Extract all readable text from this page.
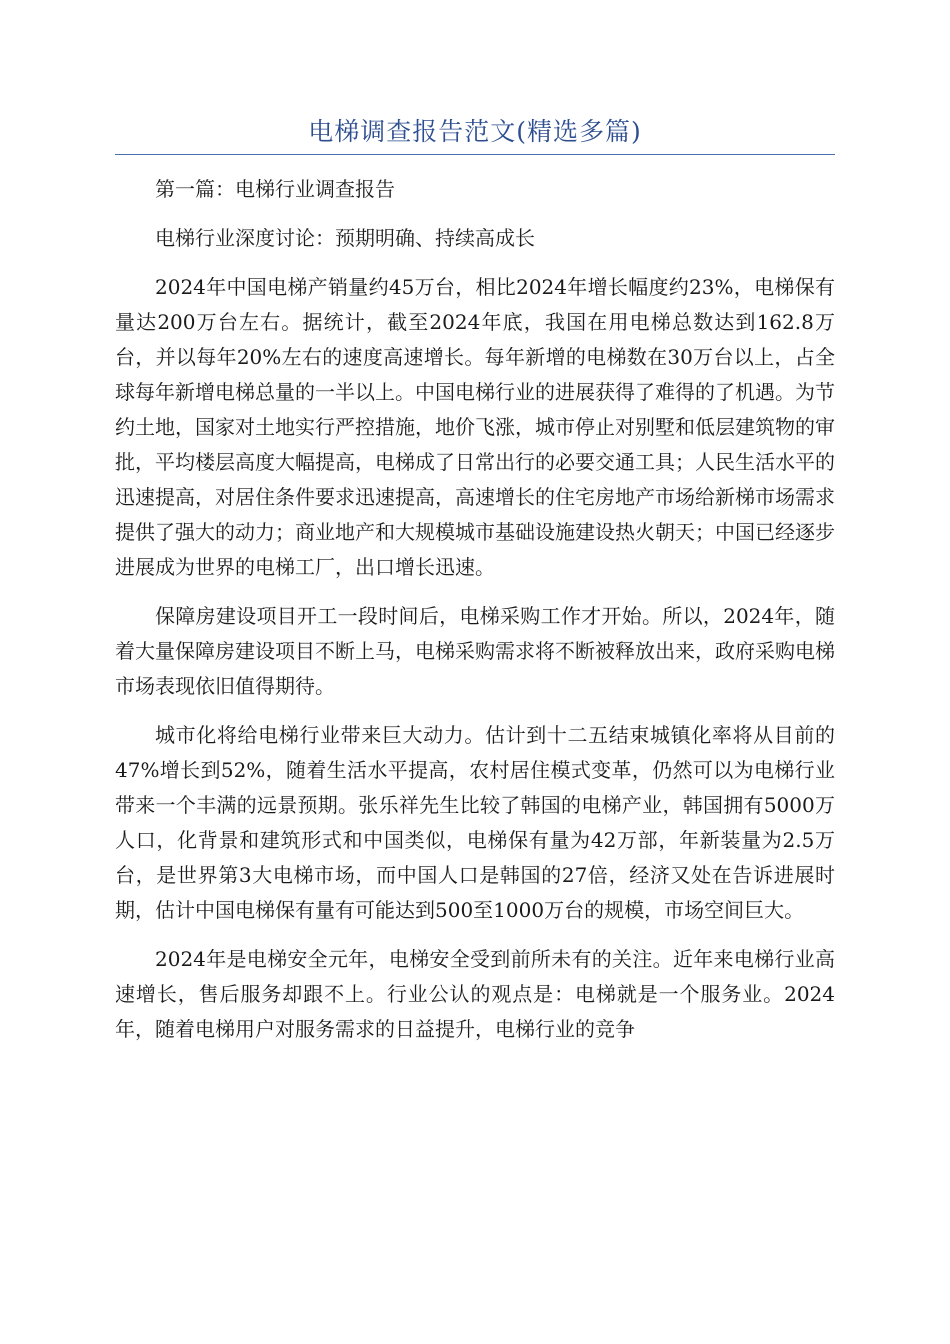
电梯调查报告范文(精选多篇)

第一篇：电梯行业调查报告

电梯行业深度讨论：预期明确、持续高成长

2024年中国电梯产销量约45万台，相比2024年增长幅度约23%，电梯保有量达200万台左右。据统计，截至2024年底，我国在用电梯总数达到162.8万台，并以每年20%左右的速度高速增长。每年新增的电梯数在30万台以上，占全球每年新增电梯总量的一半以上。中国电梯行业的进展获得了难得的了机遇。为节约土地，国家对土地实行严控措施，地价飞涨，城市停止对别墅和低层建筑物的审批，平均楼层高度大幅提高，电梯成了日常出行的必要交通工具；人民生活水平的迅速提高，对居住条件要求迅速提高，高速增长的住宅房地产市场给新梯市场需求提供了强大的动力；商业地产和大规模城市基础设施建设热火朝天；中国已经逐步进展成为世界的电梯工厂，出口增长迅速。

保障房建设项目开工一段时间后，电梯采购工作才开始。所以，2024年，随着大量保障房建设项目不断上马，电梯采购需求将不断被释放出来，政府采购电梯市场表现依旧值得期待。

城市化将给电梯行业带来巨大动力。估计到十二五结束城镇化率将从目前的47%增长到52%，随着生活水平提高，农村居住模式变革，仍然可以为电梯行业带来一个丰满的远景预期。张乐祥先生比较了韩国的电梯产业，韩国拥有5000万人口，化背景和建筑形式和中国类似，电梯保有量为42万部，年新装量为2.5万台，是世界第3大电梯市场，而中国人口是韩国的27倍，经济又处在告诉进展时期，估计中国电梯保有量有可能达到500至1000万台的规模，市场空间巨大。

2024年是电梯安全元年，电梯安全受到前所未有的关注。近年来电梯行业高速增长，售后服务却跟不上。行业公认的观点是：电梯就是一个服务业。2024年，随着电梯用户对服务需求的日益提升，电梯行业的竞争
